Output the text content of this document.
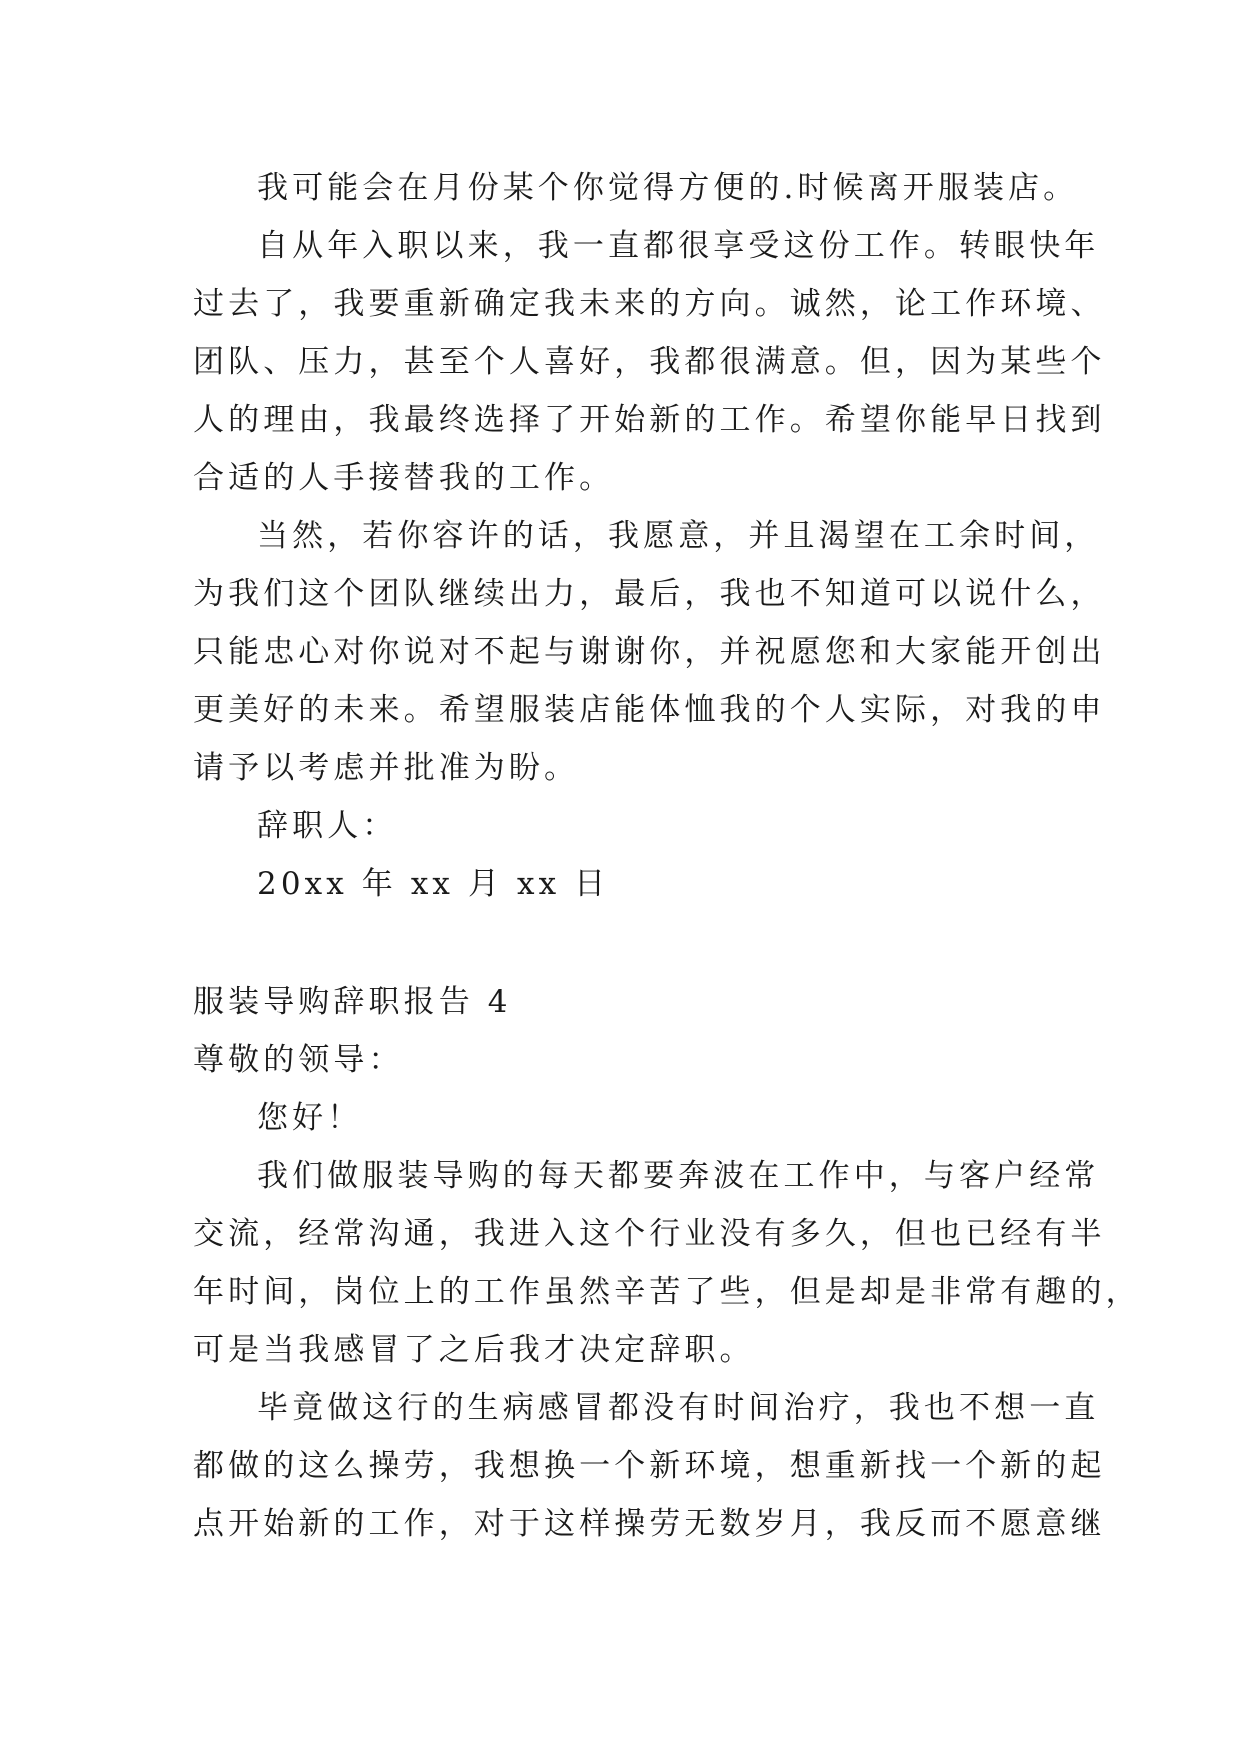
我可能会在月份某个你觉得方便的.时候离开服装店。

自从年入职以来，我一直都很享受这份工作。转眼快年

过去了，我要重新确定我未来的方向。诚然，论工作环境、

团队、压力，甚至个人喜好，我都很满意。但，因为某些个

人的理由，我最终选择了开始新的工作。希望你能早日找到

合适的人手接替我的工作。

当然，若你容许的话，我愿意，并且渴望在工余时间，

为我们这个团队继续出力，最后，我也不知道可以说什么，

只能忠心对你说对不起与谢谢你，并祝愿您和大家能开创出

更美好的未来。希望服装店能体恤我的个人实际，对我的申

请予以考虑并批准为盼。

辞职人：

20xx 年 xx 月 xx 日

服装导购辞职报告 4

尊敬的领导：

您好！

我们做服装导购的每天都要奔波在工作中，与客户经常

交流，经常沟通，我进入这个行业没有多久，但也已经有半

年时间，岗位上的工作虽然辛苦了些，但是却是非常有趣的，

可是当我感冒了之后我才决定辞职。

毕竟做这行的生病感冒都没有时间治疗，我也不想一直

都做的这么操劳，我想换一个新环境，想重新找一个新的起

点开始新的工作，对于这样操劳无数岁月，我反而不愿意继
